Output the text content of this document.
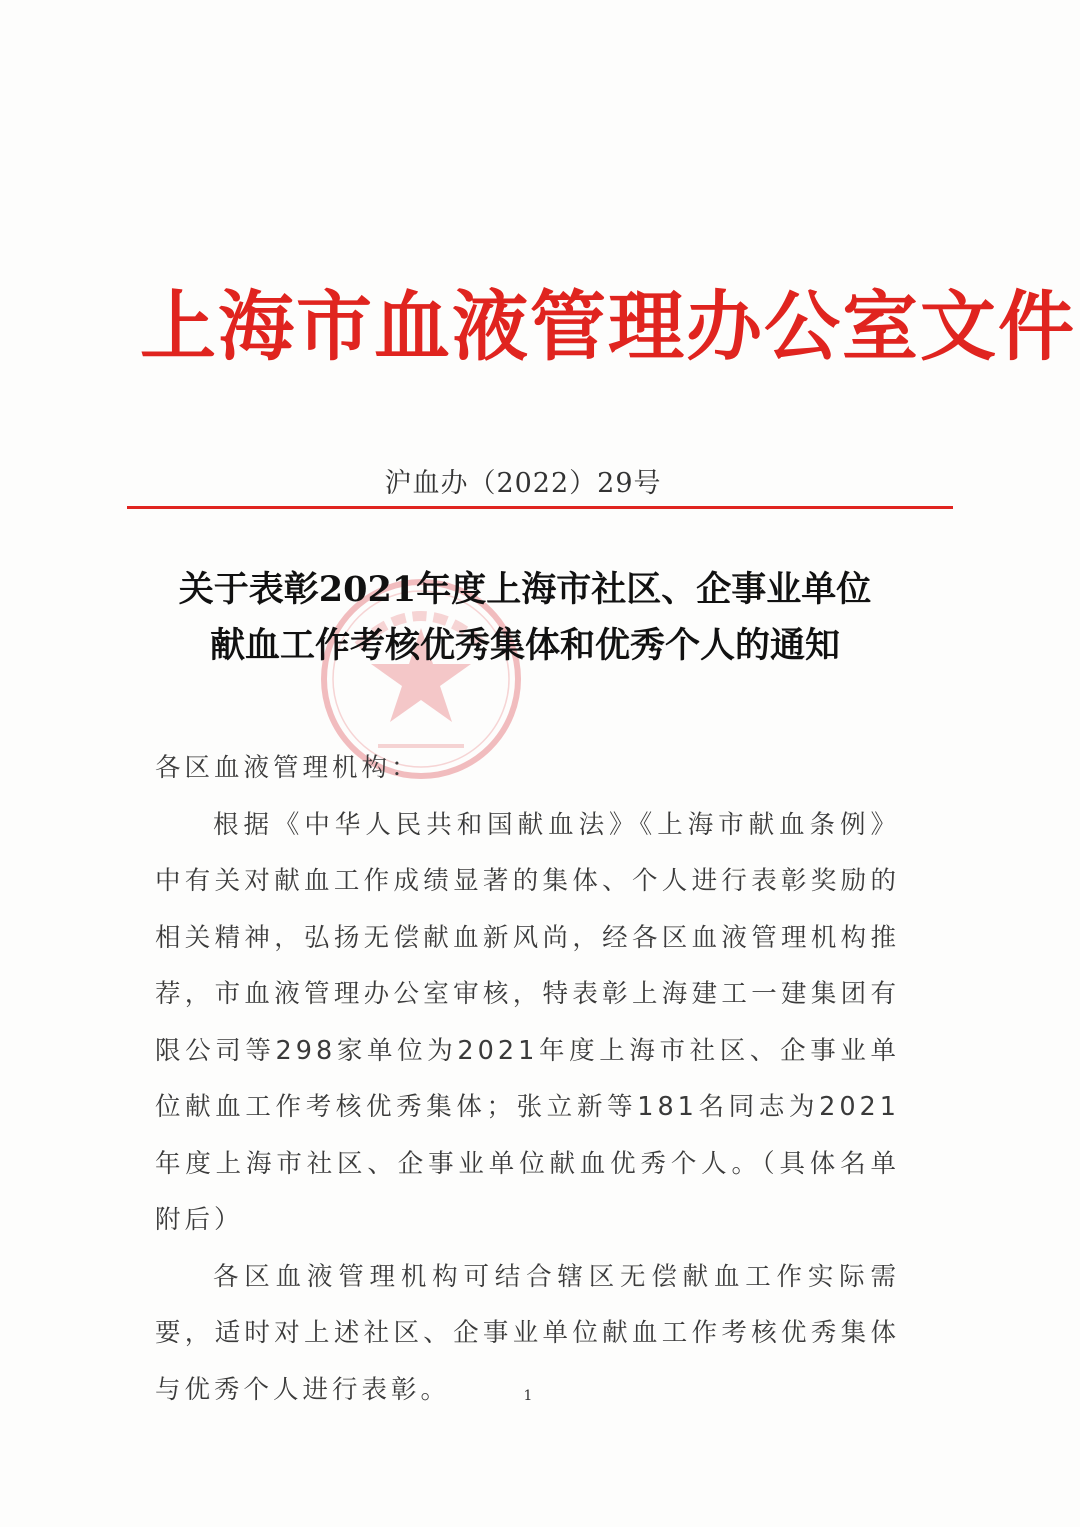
上海市血液管理办公室文件
沪血办（2022）29号
关于表彰2021年度上海市社区、企事业单位
献血工作考核优秀集体和优秀个人的通知

各区血液管理机构：

根据《中华人民共和国献血法》《上海市献血条例》中有关对献血工作成绩显著的集体、个人进行表彰奖励的相关精神，弘扬无偿献血新风尚，经各区血液管理机构推荐，市血液管理办公室审核，特表彰上海建工一建集团有限公司等298家单位为2021年度上海市社区、企事业单位献血工作考核优秀集体；张立新等181名同志为2021年度上海市社区、企事业单位献血优秀个人。（具体名单附后）

各区血液管理机构可结合辖区无偿献血工作实际需要，适时对上述社区、企事业单位献血工作考核优秀集体与优秀个人进行表彰。	1
